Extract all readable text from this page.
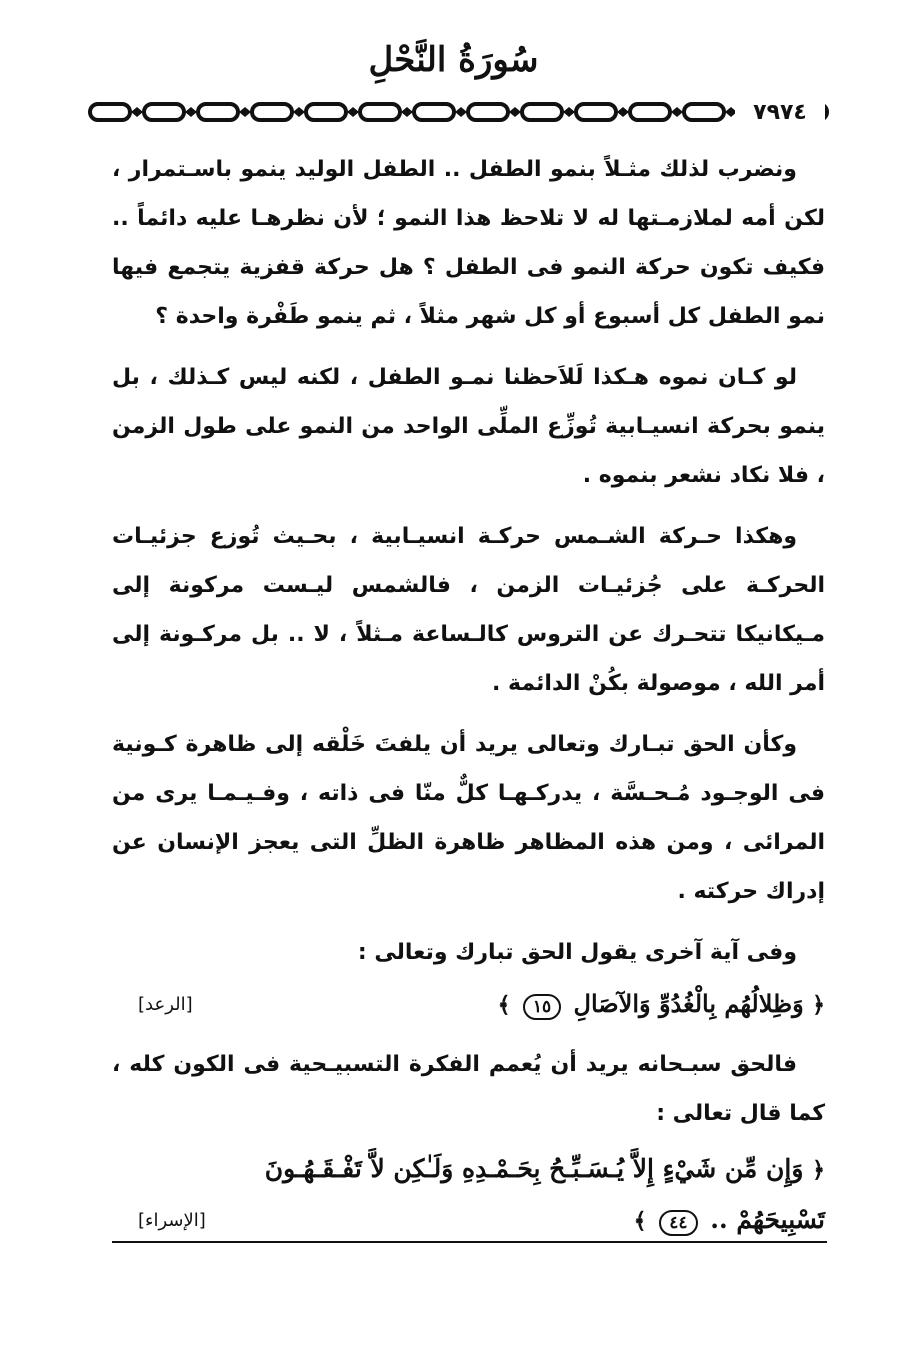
سُورَةُ النَّحْلِ
٧٩٧٤

ونضرب لذلك مثـلاً بنمو الطفل .. الطفل الوليد ينمو باسـتمرار ، لكن أمه لملازمـتها له لا تلاحظ هذا النمو ؛ لأن نظرهـا عليه دائماً .. فكيف تكون حركة النمو فى الطفل ؟ هل حركة قفزية يتجمع فيها نمو الطفل كل أسبوع أو كل شهر مثلاً ، ثم ينمو طَفْرة واحدة ؟

لو كـان نموه هـكذا لَلاَحظنا نمـو الطفل ، لكنه ليس كـذلك ، بل ينمو بحركة انسيـابية تُوزِّع الملِّى الواحد من النمو على طول الزمن ، فلا نكاد نشعر بنموه .

وهكذا حـركة الشـمس حركـة انسيـابية ، بحـيث تُوزع جزئيـات الحركـة على جُزئيـات الزمن ، فالشمس ليـست مركونة إلى مـيكانيكا تتحـرك عن التروس كالـساعة مـثلاً ، لا .. بل مركـونة إلى أمر الله ، موصولة بكُنْ الدائمة .

وكأن الحق تبـارك وتعالى يريد أن يلفتَ خَلْقه إلى ظاهرة كـونية فى الوجـود مُـحـسَّة ، يدركـهـا كلٌّ منّا فى ذاته ، وفـيـمـا يرى من المرائى ، ومن هذه المظاهر ظاهرة الظلِّ التى يعجز الإنسان عن إدراك حركته .

وفى آية آخرى يقول الحق تبارك وتعالى :

﴿ وَظِلالُهُم بِالْغُدُوِّ وَالآصَالِ ١٥ ﴾
[الرعد]

فالحق سبـحانه يريد أن يُعمم الفكرة التسبيـحية فى الكون كله ، كما قال تعالى :

﴿ وَإِن مِّن شَيْءٍ إِلاَّ يُـسَـبِّـحُ بِحَـمْـدِهِ وَلَـٰكِن لاَّ تَفْـقَـهُـونَ
تَسْبِيحَهُمْ .. ٤٤ ﴾
[الإسراء]
